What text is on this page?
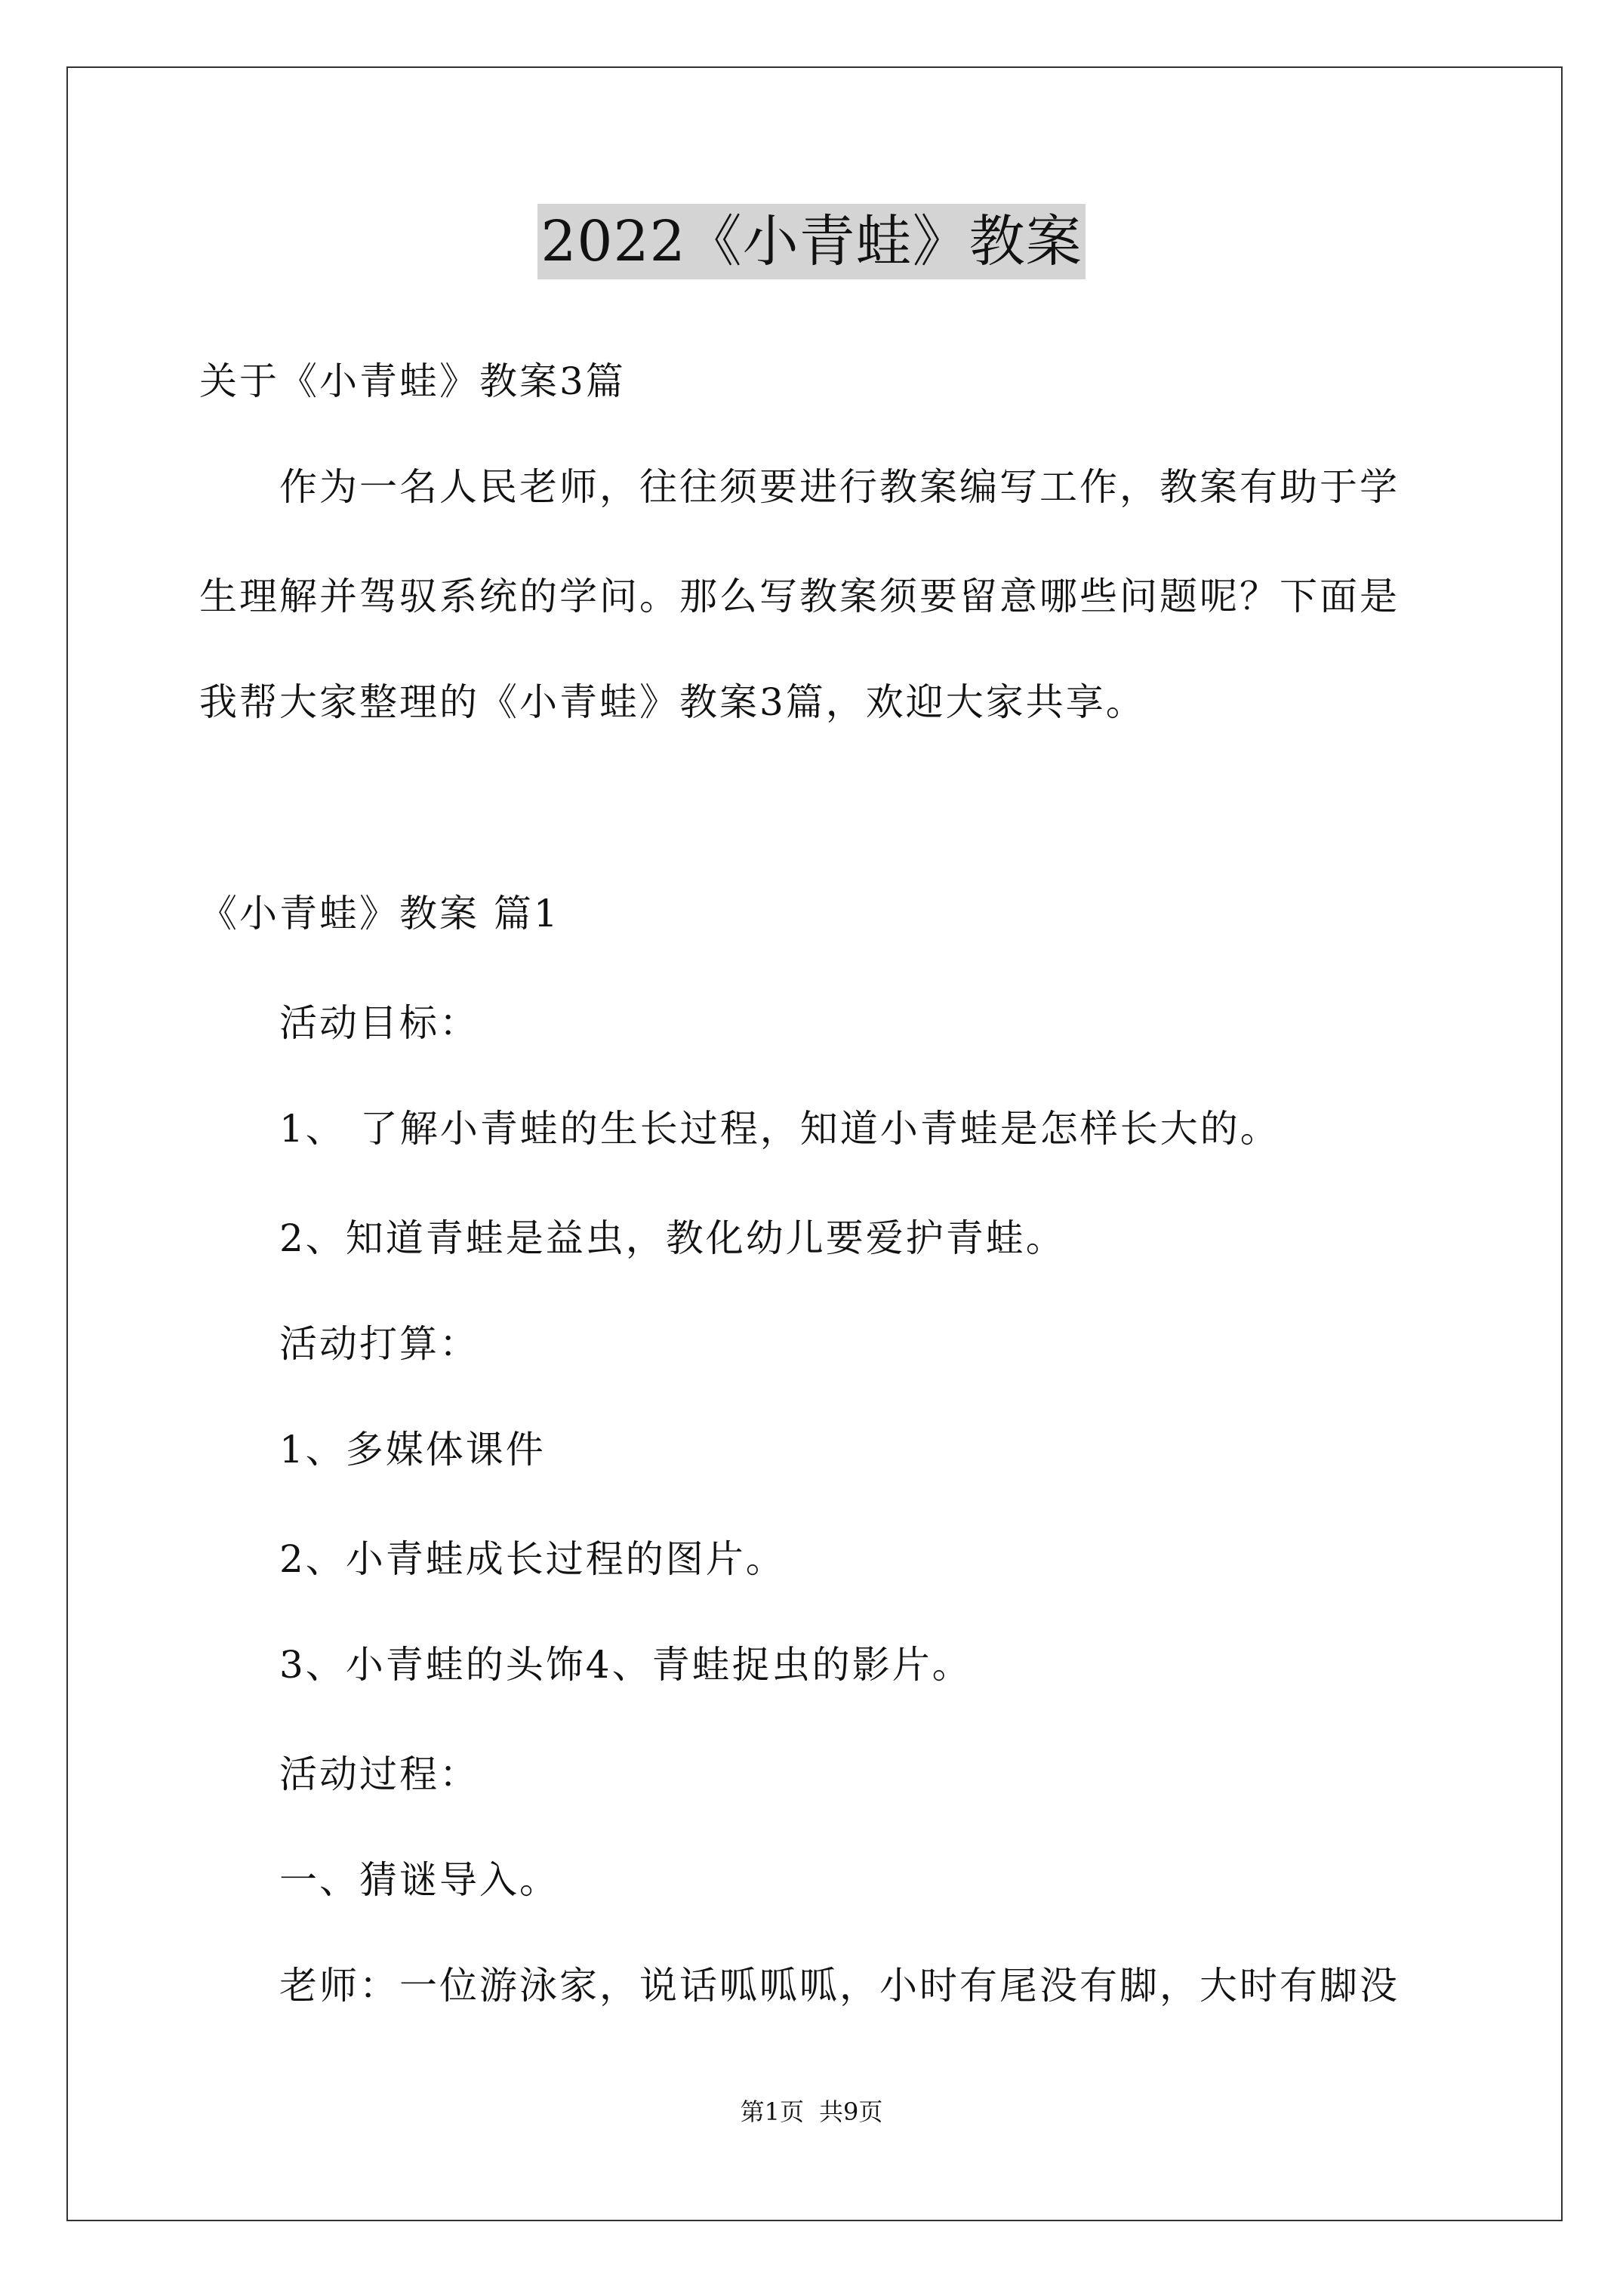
2022《小青蛙》教案
关于《小青蛙》教案3篇
作为一名人民老师，往往须要进行教案编写工作，教案有助于学
生理解并驾驭系统的学问。那么写教案须要留意哪些问题呢？下面是
我帮大家整理的《小青蛙》教案3篇，欢迎大家共享。
《小青蛙》教案 篇1
活动目标：
1、 了解小青蛙的生长过程，知道小青蛙是怎样长大的。
2、知道青蛙是益虫，教化幼儿要爱护青蛙。
活动打算：
1、多媒体课件
2、小青蛙成长过程的图片。
3、小青蛙的头饰4、青蛙捉虫的影片。
活动过程：
一、猜谜导入。
老师：一位游泳家，说话呱呱呱，小时有尾没有脚，大时有脚没
第1页 共9页
